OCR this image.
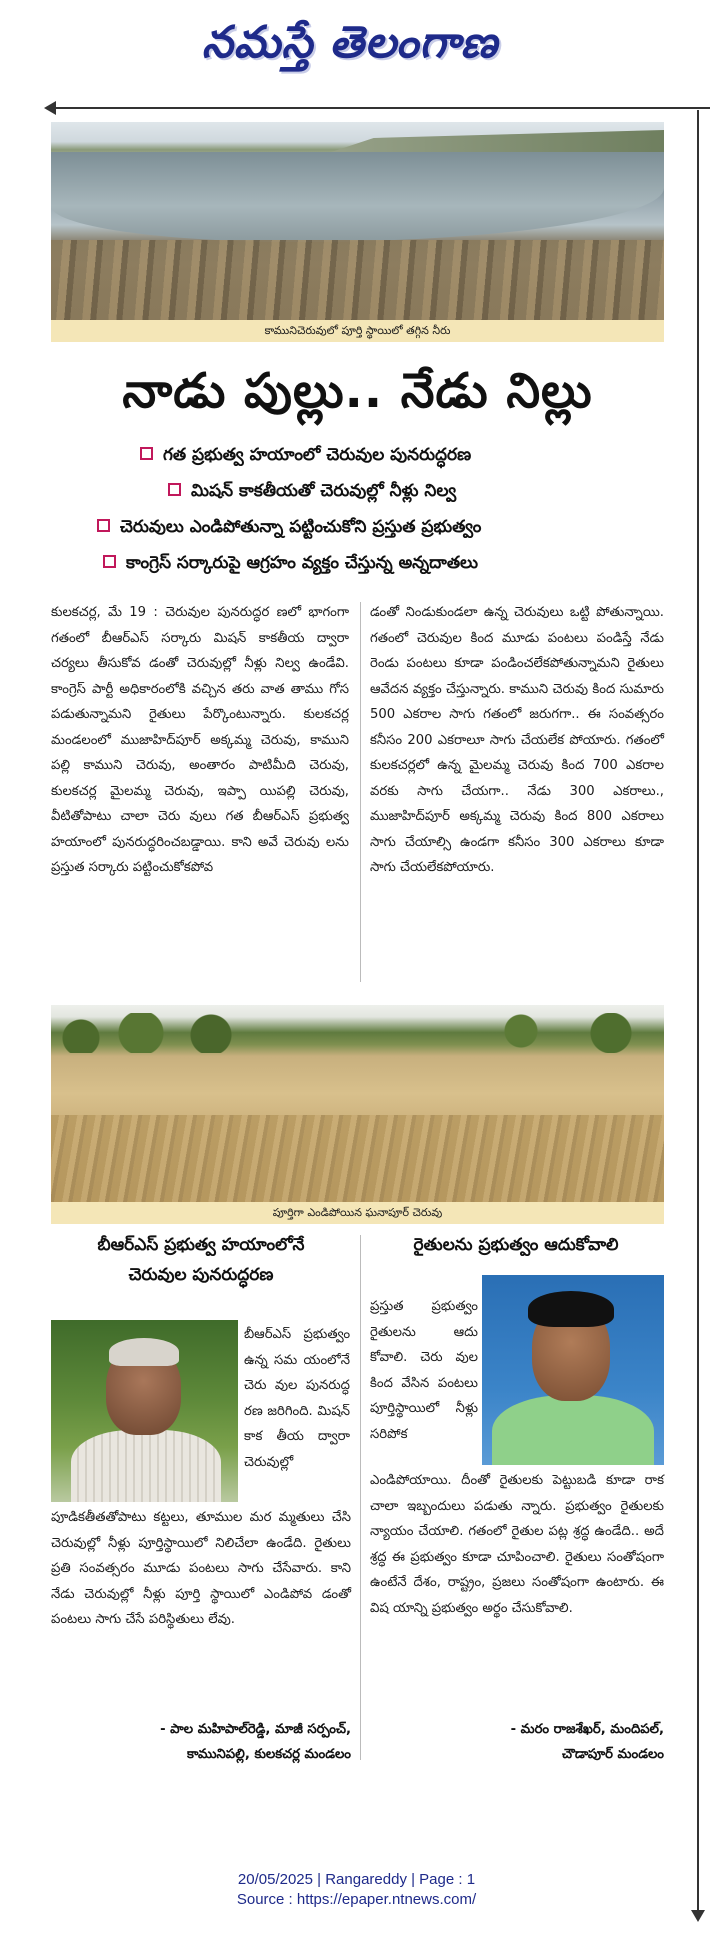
నమస్తే తెలంగాణ
కామునిచెరువులో పూర్తి స్థాయిలో తగ్గిన నీరు
నాడు పుల్లు.. నేడు నిల్లు
గత ప్రభుత్వ హయాంలో చెరువుల పునరుద్ధరణ
మిషన్ కాకతీయతో చెరువుల్లో నీళ్లు నిల్వ
చెరువులు ఎండిపోతున్నా పట్టించుకోని ప్రస్తుత ప్రభుత్వం
కాంగ్రెస్ సర్కారుపై ఆగ్రహం వ్యక్తం చేస్తున్న అన్నదాతలు

కులకచర్ల, మే 19 : చెరువుల పునరుద్ధర ణలో భాగంగా గతంలో బీఆర్ఎస్ సర్కారు మిషన్ కాకతీయ ద్వారా చర్యలు తీసుకోవ డంతో చెరువుల్లో నీళ్లు నిల్వ ఉండేవి. కాంగ్రెస్ పార్టీ అధికారంలోకి వచ్చిన తరు వాత తాము గోస పడుతున్నామని రైతులు పేర్కొంటున్నారు. కులకచర్ల మండలంలో ముజాహిద్‌పూర్ అక్కమ్మ చెరువు, కాముని పల్లి కాముని చెరువు, అంతారం పాటిమీది చెరువు, కులకచర్ల మైలమ్మ చెరువు, ఇప్పా యిపల్లి చెరువు, వీటితోపాటు చాలా చెరు వులు గత బీఆర్ఎస్ ప్రభుత్వ హయాంలో పునరుద్ధరించబడ్డాయి. కాని అవే చెరువు లను ప్రస్తుత సర్కారు పట్టించుకోకపోవ

డంతో నిండుకుండలా ఉన్న చెరువులు ఒట్టి పోతున్నాయి. గతంలో చెరువుల కింద మూడు పంటలు పండిస్తే నేడు రెండు పంటలు కూడా పండించలేకపోతున్నామని రైతులు ఆవేదన వ్యక్తం చేస్తున్నారు. కాముని చెరువు కింద సుమారు 500 ఎకరాల సాగు గతంలో జరుగగా.. ఈ సంవత్సరం కనీసం 200 ఎకరాలూ సాగు చేయలేక పోయారు. గతంలో కులకచర్లలో ఉన్న మైలమ్మ చెరువు కింద 700 ఎకరాల వరకు సాగు చేయగా.. నేడు 300 ఎకరాలు., ముజాహిద్‌పూర్ అక్కమ్మ చెరువు కింద 800 ఎకరాలు సాగు చేయాల్సి ఉండగా కనీసం 300 ఎకరాలు కూడా సాగు చేయలేకపోయారు.

పూర్తిగా ఎండిపోయిన ఘనాపూర్ చెరువు
బీఆర్ఎస్ ప్రభుత్వ హయాంలోనే
చెరువుల పునరుద్ధరణ
రైతులను ప్రభుత్వం ఆదుకోవాలి

బీఆర్ఎస్ ప్రభుత్వం ఉన్న సమ యంలోనే చెరు వుల పునరుద్ధ రణ జరిగింది. మిషన్ కాక తీయ ద్వారా చెరువుల్లో

పూడికతీతతోపాటు కట్టలు, తూముల మర మ్మతులు చేసి చెరువుల్లో నీళ్లు పూర్తిస్థాయిలో నిలిచేలా ఉండేది. రైతులు ప్రతి సంవత్సరం మూడు పంటలు సాగు చేసేవారు. కాని నేడు చెరువుల్లో నీళ్లు పూర్తి స్థాయిలో ఎండిపోవ డంతో పంటలు సాగు చేసే పరిస్థితులు లేవు.

- పాల మహిపాల్‌రెడ్డి, మాజీ సర్పంచ్,
కామునిపల్లి, కులకచర్ల మండలం

ప్రస్తుత ప్రభుత్వం రైతులను ఆదు కోవాలి. చెరు వుల కింద వేసిన పంటలు పూర్తిస్థాయిలో నీళ్లు సరిపోక

ఎండిపోయాయి. దీంతో రైతులకు పెట్టుబడి కూడా రాక చాలా ఇబ్బందులు పడుతు న్నారు. ప్రభుత్వం రైతులకు న్యాయం చేయాలి. గతంలో రైతుల పట్ల శ్రద్ధ ఉండేది.. అదే శ్రద్ధ ఈ ప్రభుత్వం కూడా చూపించాలి. రైతులు సంతోషంగా ఉంటేనే దేశం, రాష్ట్రం, ప్రజలు సంతోషంగా ఉంటారు. ఈ విష యాన్ని ప్రభుత్వం అర్థం చేసుకోవాలి.

- మరం రాజశేఖర్, మందిపల్,
చౌడాపూర్ మండలం
20/05/2025 | Rangareddy | Page : 1
Source : https://epaper.ntnews.com/
